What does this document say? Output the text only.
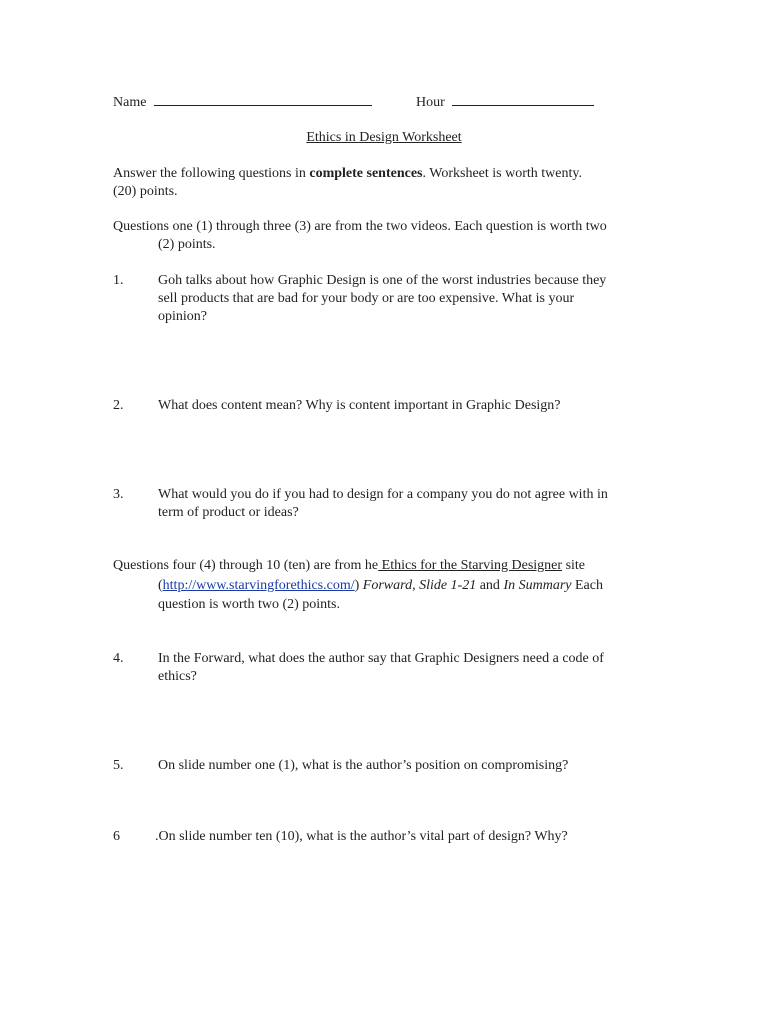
Name	Hour
Ethics in Design Worksheet
Answer the following questions in complete sentences. Worksheet is worth twenty.
(20) points.
Questions one (1) through three (3) are from the two videos. Each question is worth two
(2) points.
1. Goh talks about how Graphic Design is one of the worst industries because they
sell products that are bad for your body or are too expensive. What is your
opinion?
2. What does content mean? Why is content important in Graphic Design?
3. What would you do if you had to design for a company you do not agree with in
term of product or ideas?
Questions four (4) through 10 (ten) are from he Ethics for the Starving Designer site
(http://www.starvingforethics.com/) Forward, Slide 1-21 and In Summary Each
question is worth two (2) points.
4. In the Forward, what does the author say that Graphic Designers need a code of
ethics?
5. On slide number one (1), what is the author’s position on compromising?
6	.On slide number ten (10), what is the author’s vital part of design? Why?
